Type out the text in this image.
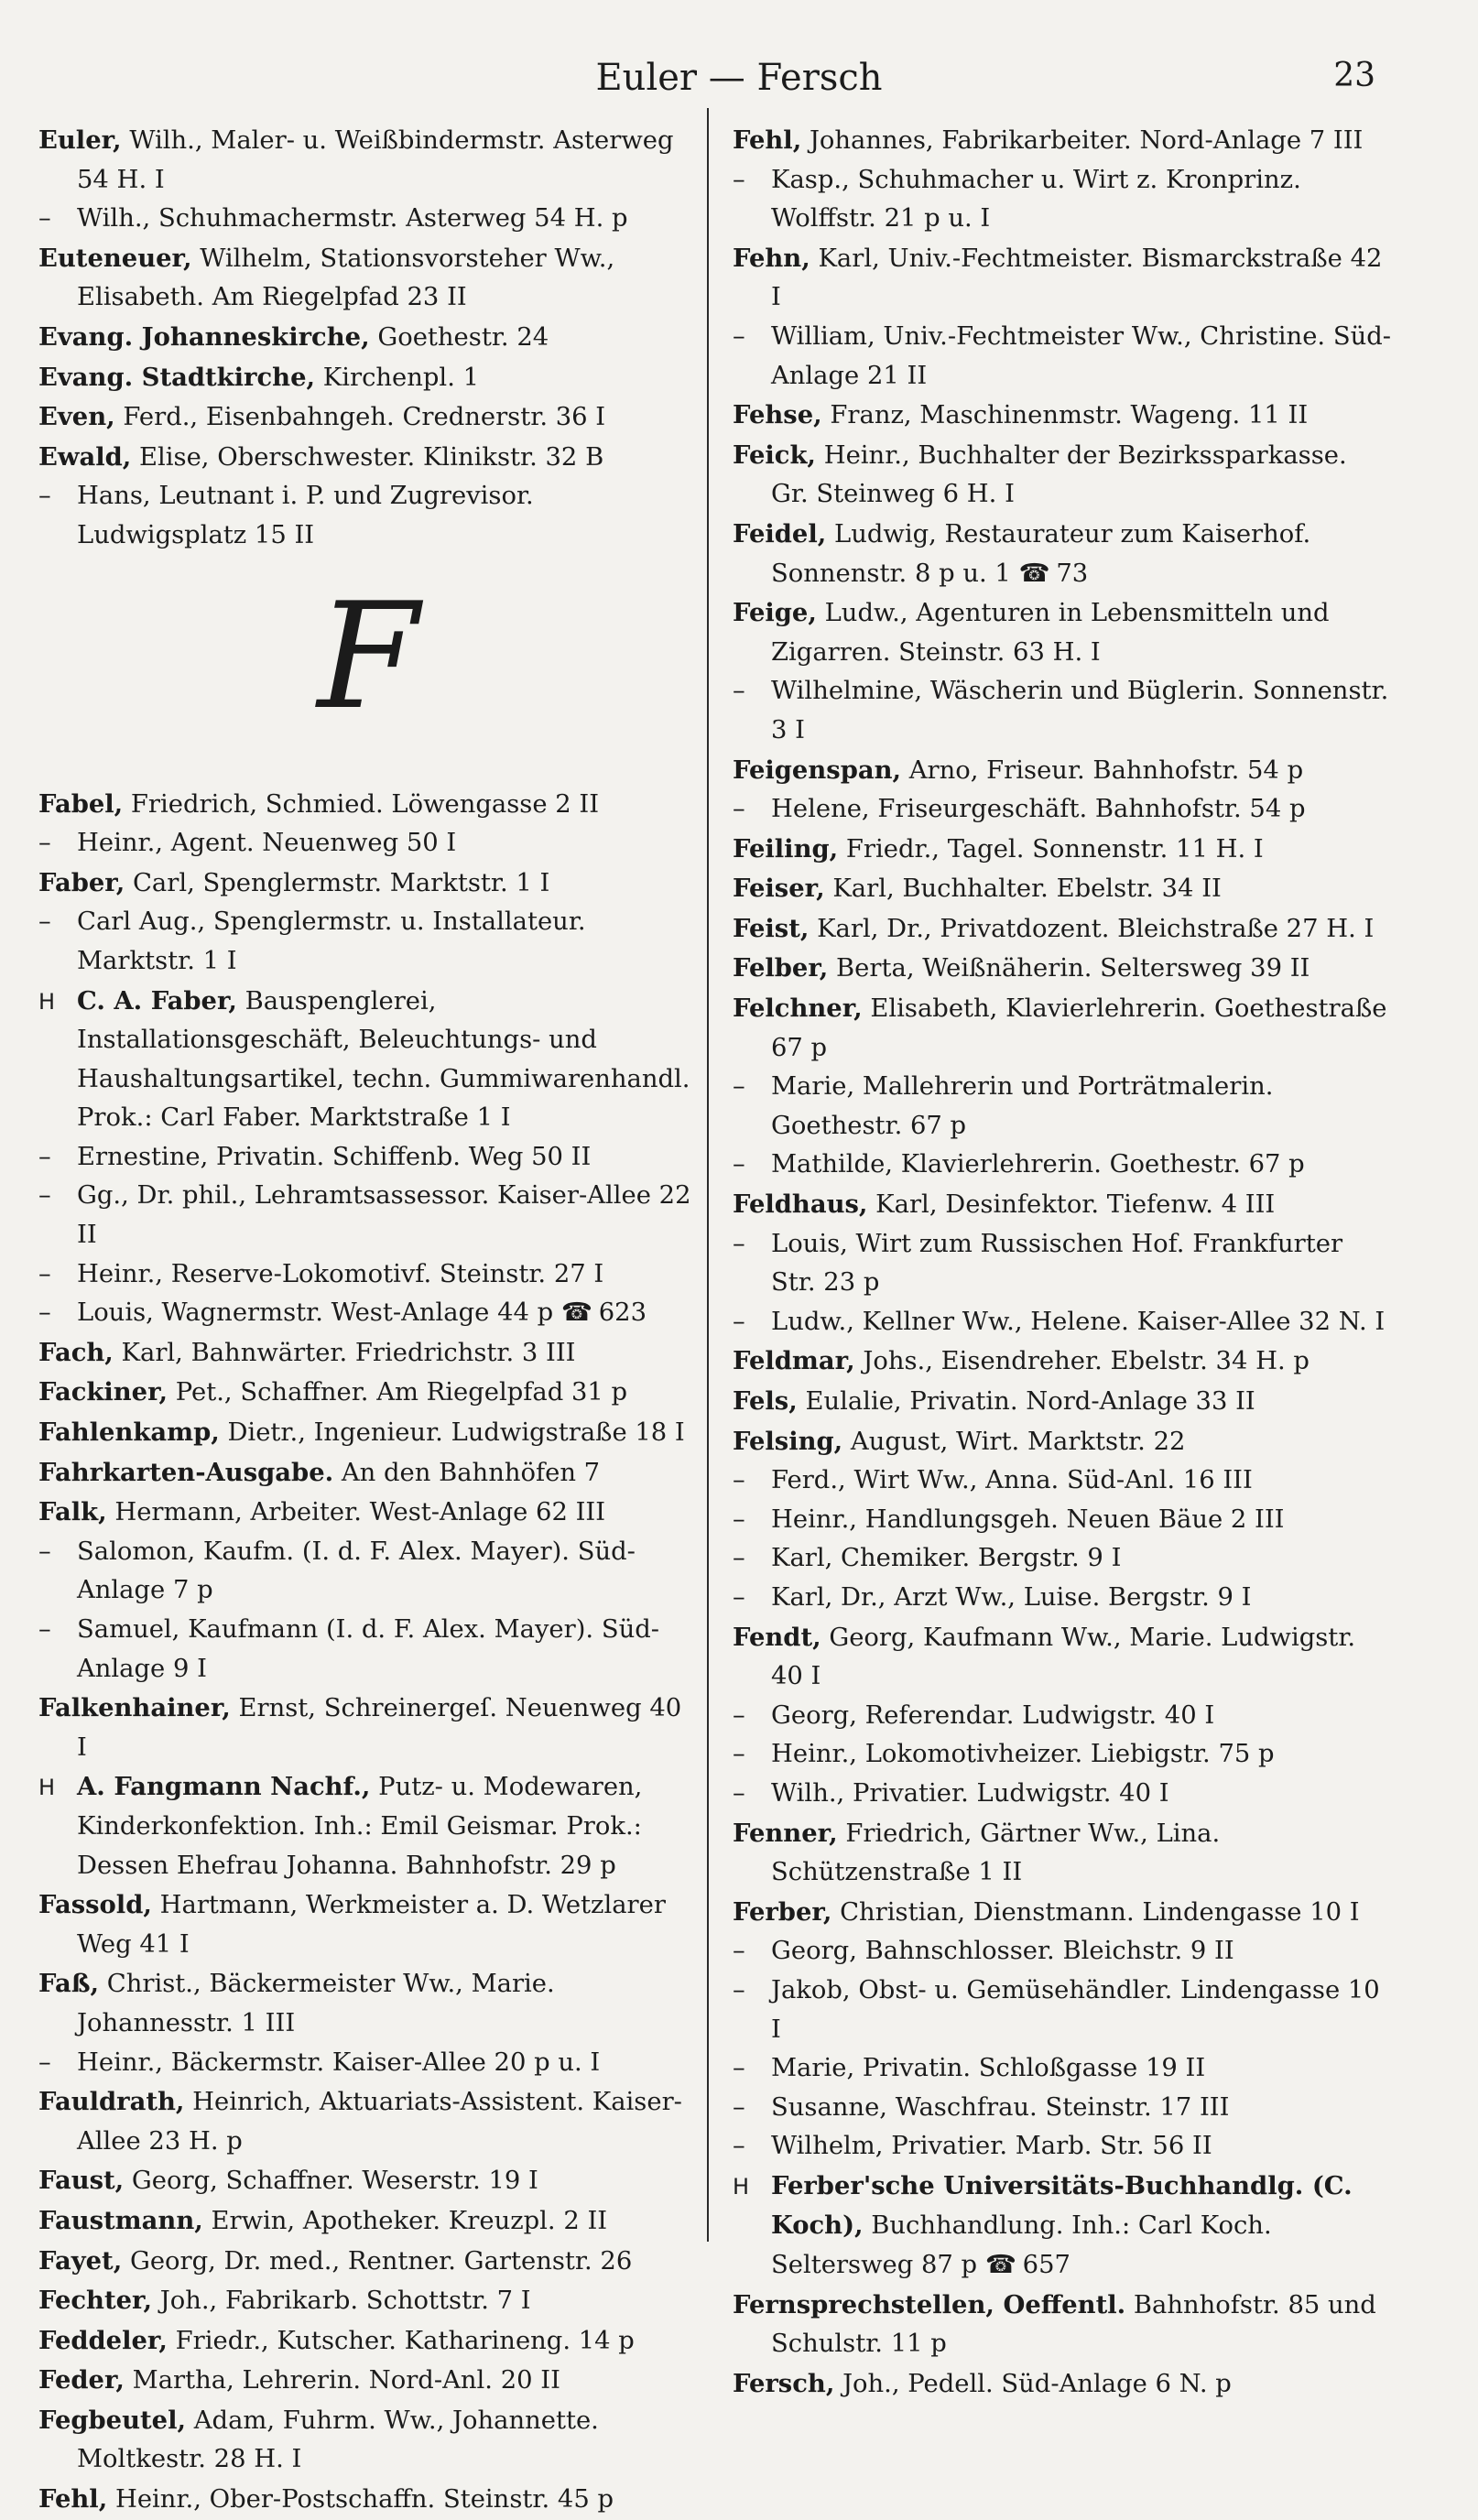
Euler — Fersch	23
Euler, Wilh., Maler- u. Weißbindermstr. Asterweg 54 H. I
– Wilh., Schuhmachermstr. Asterweg 54 H. p
Euteneuer, Wilhelm, Stationsvorsteher Ww., Elisabeth. Am Riegelpfad 23 II
Evang. Johanneskirche, Goethestr. 24
Evang. Stadtkirche, Kirchenpl. 1
Even, Ferd., Eisenbahngeh. Crednerstr. 36 I
Ewald, Elise, Oberschwester. Klinikstr. 32 B
– Hans, Leutnant i. P. und Zugrevisor. Ludwigsplatz 15 II
F
Fabel, Friedrich, Schmied. Löwengasse 2 II
– Heinr., Agent. Neuenweg 50 I
Faber, Carl, Spenglermstr. Marktstr. 1 I
– Carl Aug., Spenglermstr. u. Installateur. Marktstr. 1 I
H C. A. Faber, Bauspenglerei, Installationsgeschäft, Beleuchtungs- und Haushaltungsartikel, techn. Gummiwarenhandl. Prok.: Carl Faber. Marktstraße 1 I
– Ernestine, Privatin. Schiffenb. Weg 50 II
– Gg., Dr. phil., Lehramtsassessor. Kaiser-Allee 22 II
– Heinr., Reserve-Lokomotivf. Steinstr. 27 I
– Louis, Wagnermstr. West-Anlage 44 p ☎ 623
Fach, Karl, Bahnwärter. Friedrichstr. 3 III
Fackiner, Pet., Schaffner. Am Riegelpfad 31 p
Fahlenkamp, Dietr., Ingenieur. Ludwigstraße 18 I
Fahrkarten-Ausgabe. An den Bahnhöfen 7
Falk, Hermann, Arbeiter. West-Anlage 62 III
– Salomon, Kaufm. (I. d. F. Alex. Mayer). Süd-Anlage 7 p
– Samuel, Kaufmann (I. d. F. Alex. Mayer). Süd-Anlage 9 I
Falkenhainer, Ernst, Schreinergeſ. Neuenweg 40 I
H A. Fangmann Nachf., Putz- u. Modewaren, Kinderkonfektion. Inh.: Emil Geismar. Prok.: Dessen Ehefrau Johanna. Bahnhofstr. 29 p
Fassold, Hartmann, Werkmeister a. D. Wetzlarer Weg 41 I
Faß, Christ., Bäckermeister Ww., Marie. Johannesstr. 1 III
– Heinr., Bäckermstr. Kaiser-Allee 20 p u. I
Fauldrath, Heinrich, Aktuariats-Assistent. Kaiser-Allee 23 H. p
Faust, Georg, Schaffner. Weserstr. 19 I
Faustmann, Erwin, Apotheker. Kreuzpl. 2 II
Fayet, Georg, Dr. med., Rentner. Gartenstr. 26
Fechter, Joh., Fabrikarb. Schottstr. 7 I
Feddeler, Friedr., Kutscher. Katharineng. 14 p
Feder, Martha, Lehrerin. Nord-Anl. 20 II
Fegbeutel, Adam, Fuhrm. Ww., Johannette. Moltkestr. 28 H. I
Fehl, Heinr., Ober-Postschaffn. Steinstr. 45 p
Fehl, Johannes, Fabrikarbeiter. Nord-Anlage 7 III
– Kasp., Schuhmacher u. Wirt z. Kronprinz. Wolffstr. 21 p u. I
Fehn, Karl, Univ.-Fechtmeister. Bismarckstraße 42 I
– William, Univ.-Fechtmeister Ww., Christine. Süd-Anlage 21 II
Fehse, Franz, Maschinenmstr. Wageng. 11 II
Feick, Heinr., Buchhalter der Bezirkssparkasse. Gr. Steinweg 6 H. I
Feidel, Ludwig, Restaurateur zum Kaiserhof. Sonnenstr. 8 p u. 1 ☎ 73
Feige, Ludw., Agenturen in Lebensmitteln und Zigarren. Steinstr. 63 H. I
– Wilhelmine, Wäscherin und Büglerin. Sonnenstr. 3 I
Feigenspan, Arno, Friseur. Bahnhofstr. 54 p
– Helene, Friseurgeschäft. Bahnhofstr. 54 p
Feiling, Friedr., Tagel. Sonnenstr. 11 H. I
Feiser, Karl, Buchhalter. Ebelstr. 34 II
Feist, Karl, Dr., Privatdozent. Bleichstraße 27 H. I
Felber, Berta, Weißnäherin. Seltersweg 39 II
Felchner, Elisabeth, Klavierlehrerin. Goethestraße 67 p
– Marie, Mallehrerin und Porträtmalerin. Goethestr. 67 p
– Mathilde, Klavierlehrerin. Goethestr. 67 p
Feldhaus, Karl, Desinfektor. Tiefenw. 4 III
– Louis, Wirt zum Russischen Hof. Frankfurter Str. 23 p
– Ludw., Kellner Ww., Helene. Kaiser-Allee 32 N. I
Feldmar, Johs., Eisendreher. Ebelstr. 34 H. p
Fels, Eulalie, Privatin. Nord-Anlage 33 II
Felsing, August, Wirt. Marktstr. 22
– Ferd., Wirt Ww., Anna. Süd-Anl. 16 III
– Heinr., Handlungsgeh. Neuen Bäue 2 III
– Karl, Chemiker. Bergstr. 9 I
– Karl, Dr., Arzt Ww., Luise. Bergstr. 9 I
Fendt, Georg, Kaufmann Ww., Marie. Ludwigstr. 40 I
– Georg, Referendar. Ludwigstr. 40 I
– Heinr., Lokomotivheizer. Liebigstr. 75 p
– Wilh., Privatier. Ludwigstr. 40 I
Fenner, Friedrich, Gärtner Ww., Lina. Schützenstraße 1 II
Ferber, Christian, Dienstmann. Lindengasse 10 I
– Georg, Bahnschlosser. Bleichstr. 9 II
– Jakob, Obst- u. Gemüsehändler. Lindengasse 10 I
– Marie, Privatin. Schloßgasse 19 II
– Susanne, Waschfrau. Steinstr. 17 III
– Wilhelm, Privatier. Marb. Str. 56 II
H Ferber'sche Universitäts-Buchhandlg. (C. Koch), Buchhandlung. Inh.: Carl Koch. Seltersweg 87 p ☎ 657
Fernsprechstellen, Oeffentl. Bahnhofstr. 85 und Schulstr. 11 p
Fersch, Joh., Pedell. Süd-Anlage 6 N. p
